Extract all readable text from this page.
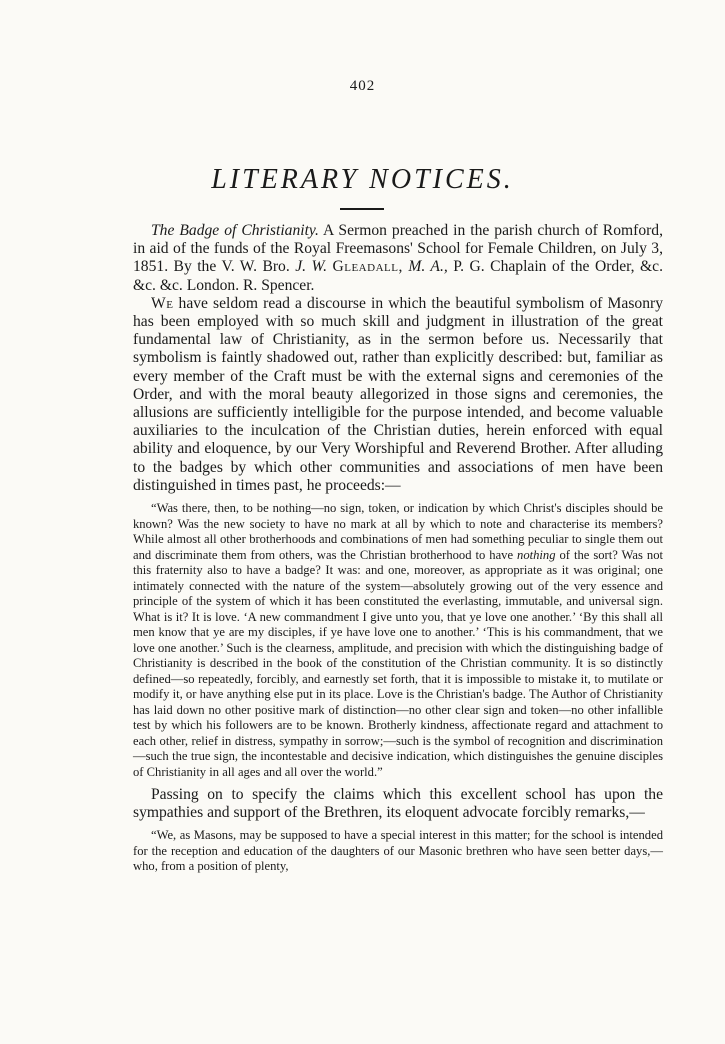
402
LITERARY NOTICES.

The Badge of Christianity. A Sermon preached in the parish church of Romford, in aid of the funds of the Royal Freemasons' School for Female Children, on July 3, 1851. By the V. W. Bro. J. W. Gleadall, M. A., P. G. Chaplain of the Order, &c. &c. &c. London. R. Spencer.

We have seldom read a discourse in which the beautiful symbolism of Masonry has been employed with so much skill and judgment in illustration of the great fundamental law of Christianity, as in the sermon before us. Necessarily that symbolism is faintly shadowed out, rather than explicitly described: but, familiar as every member of the Craft must be with the external signs and ceremonies of the Order, and with the moral beauty allegorized in those signs and ceremonies, the allusions are sufficiently intelligible for the purpose intended, and become valuable auxiliaries to the inculcation of the Christian duties, herein enforced with equal ability and eloquence, by our Very Worshipful and Reverend Brother. After alluding to the badges by which other communities and associations of men have been distinguished in times past, he proceeds:—

“Was there, then, to be nothing—no sign, token, or indication by which Christ's disciples should be known? Was the new society to have no mark at all by which to note and characterise its members? While almost all other brotherhoods and combinations of men had something peculiar to single them out and discriminate them from others, was the Christian brotherhood to have nothing of the sort? Was not this fraternity also to have a badge? It was: and one, moreover, as appropriate as it was original; one intimately connected with the nature of the system—absolutely growing out of the very essence and principle of the system of which it has been constituted the everlasting, immutable, and universal sign. What is it? It is love. ‘A new commandment I give unto you, that ye love one another.’ ‘By this shall all men know that ye are my disciples, if ye have love one to another.’ ‘This is his commandment, that we love one another.’ Such is the clearness, amplitude, and precision with which the distinguishing badge of Christianity is described in the book of the constitution of the Christian community. It is so distinctly defined—so repeatedly, forcibly, and earnestly set forth, that it is impossible to mistake it, to mutilate or modify it, or have anything else put in its place. Love is the Christian's badge. The Author of Christianity has laid down no other positive mark of distinction—no other clear sign and token—no other infallible test by which his followers are to be known. Brotherly kindness, affectionate regard and attachment to each other, relief in distress, sympathy in sorrow;—such is the symbol of recognition and discrimination—such the true sign, the incontestable and decisive indication, which distinguishes the genuine disciples of Christianity in all ages and all over the world.”

Passing on to specify the claims which this excellent school has upon the sympathies and support of the Brethren, its eloquent advocate forcibly remarks,—

“We, as Masons, may be supposed to have a special interest in this matter; for the school is intended for the reception and education of the daughters of our Masonic brethren who have seen better days,—who, from a position of plenty,
